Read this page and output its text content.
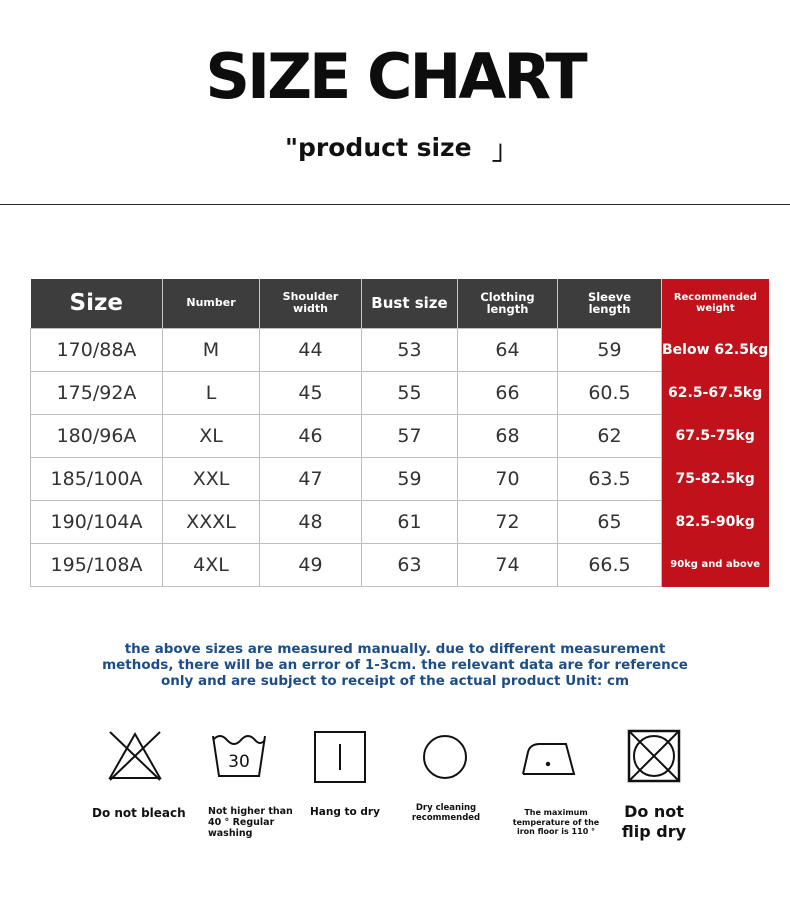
SIZE CHART
"product size 」
Size	Number	Shoulder width	Bust size	Clothing length	Sleeve length	Recommended weight
170/88A	M	44	53	64	59	Below 62.5kg
175/92A	L	45	55	66	60.5	62.5-67.5kg
180/96A	XL	46	57	68	62	67.5-75kg
185/100A	XXL	47	59	70	63.5	75-82.5kg
190/104A	XXXL	48	61	72	65	82.5-90kg
195/108A	4XL	49	63	74	66.5	90kg and above
the above sizes are measured manually. due to different measurement
methods, there will be an error of 1-3cm. the relevant data are for reference
only and are subject to receipt of the actual product Unit: cm
Do not bleach
30
Not higher than
40 ° Regular
washing
Hang to dry	Dry cleaning
recommended
The maximum
temperature of the
iron floor is 110 °
Do not
flip dry
